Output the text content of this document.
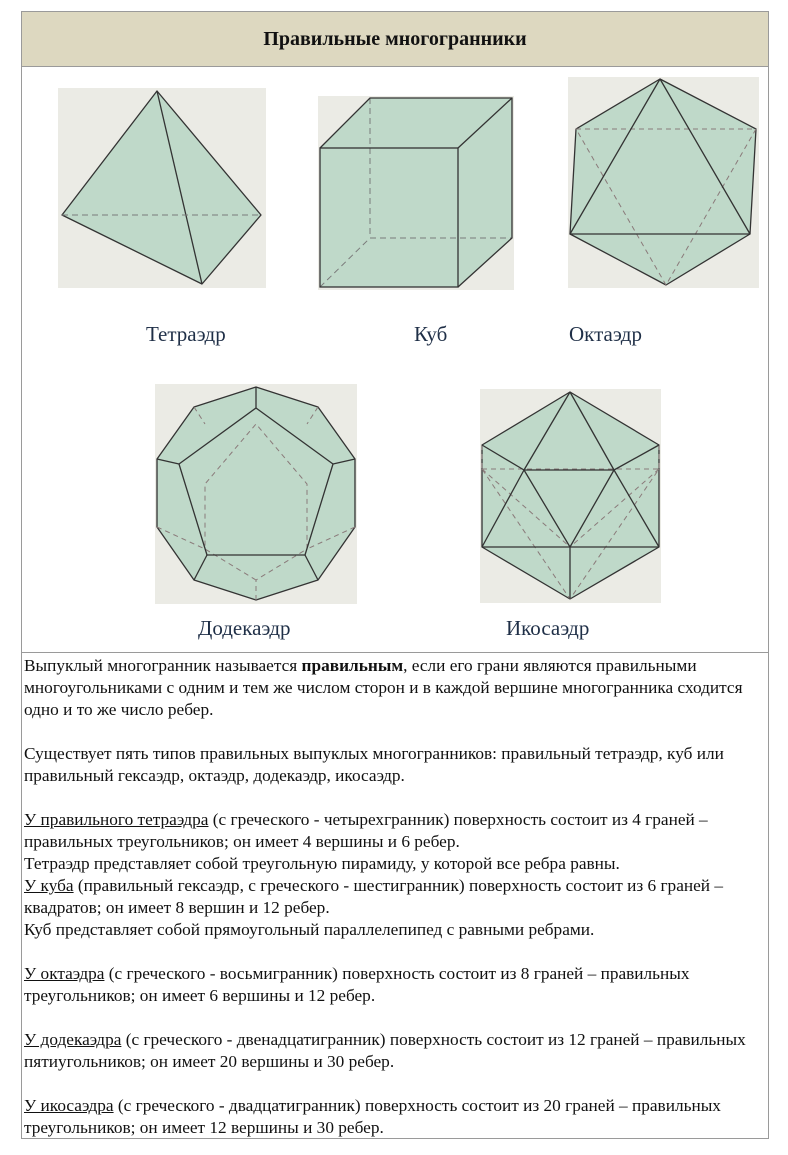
Правильные многогранники
Тетраэдр	Куб	Октаэдр
Додекаэдр	Икосаэдр

Выпуклый многогранник называется правильным, если его грани являются правильными многоугольниками с одним и тем же числом сторон и в каждой вершине многогранника сходится одно и то же число ребер.

Существует пять типов правильных выпуклых многогранников: правильный тетраэдр, куб или правильный гексаэдр, октаэдр, додекаэдр, икосаэдр.

У правильного тетраэдра (с греческого - четырехгранник) поверхность состоит из 4 граней – правильных треугольников; он имеет 4 вершины и 6 ребер.

Тетраэдр представляет собой треугольную пирамиду, у которой все ребра равны.

У куба (правильный гексаэдр, с греческого - шестигранник) поверхность состоит из 6 граней – квадратов; он имеет 8 вершин и 12 ребер.

Куб представляет собой прямоугольный параллелепипед с равными ребрами.

У октаэдра (с греческого - восьмигранник) поверхность состоит из 8 граней – правильных треугольников; он имеет 6 вершины и 12 ребер.

У додекаэдра (с греческого - двенадцатигранник) поверхность состоит из 12 граней – правильных пятиугольников; он имеет 20 вершины и 30 ребер.

У икосаэдра (с греческого - двадцатигранник) поверхность состоит из 20 граней – правильных треугольников; он имеет 12 вершины и 30 ребер.
